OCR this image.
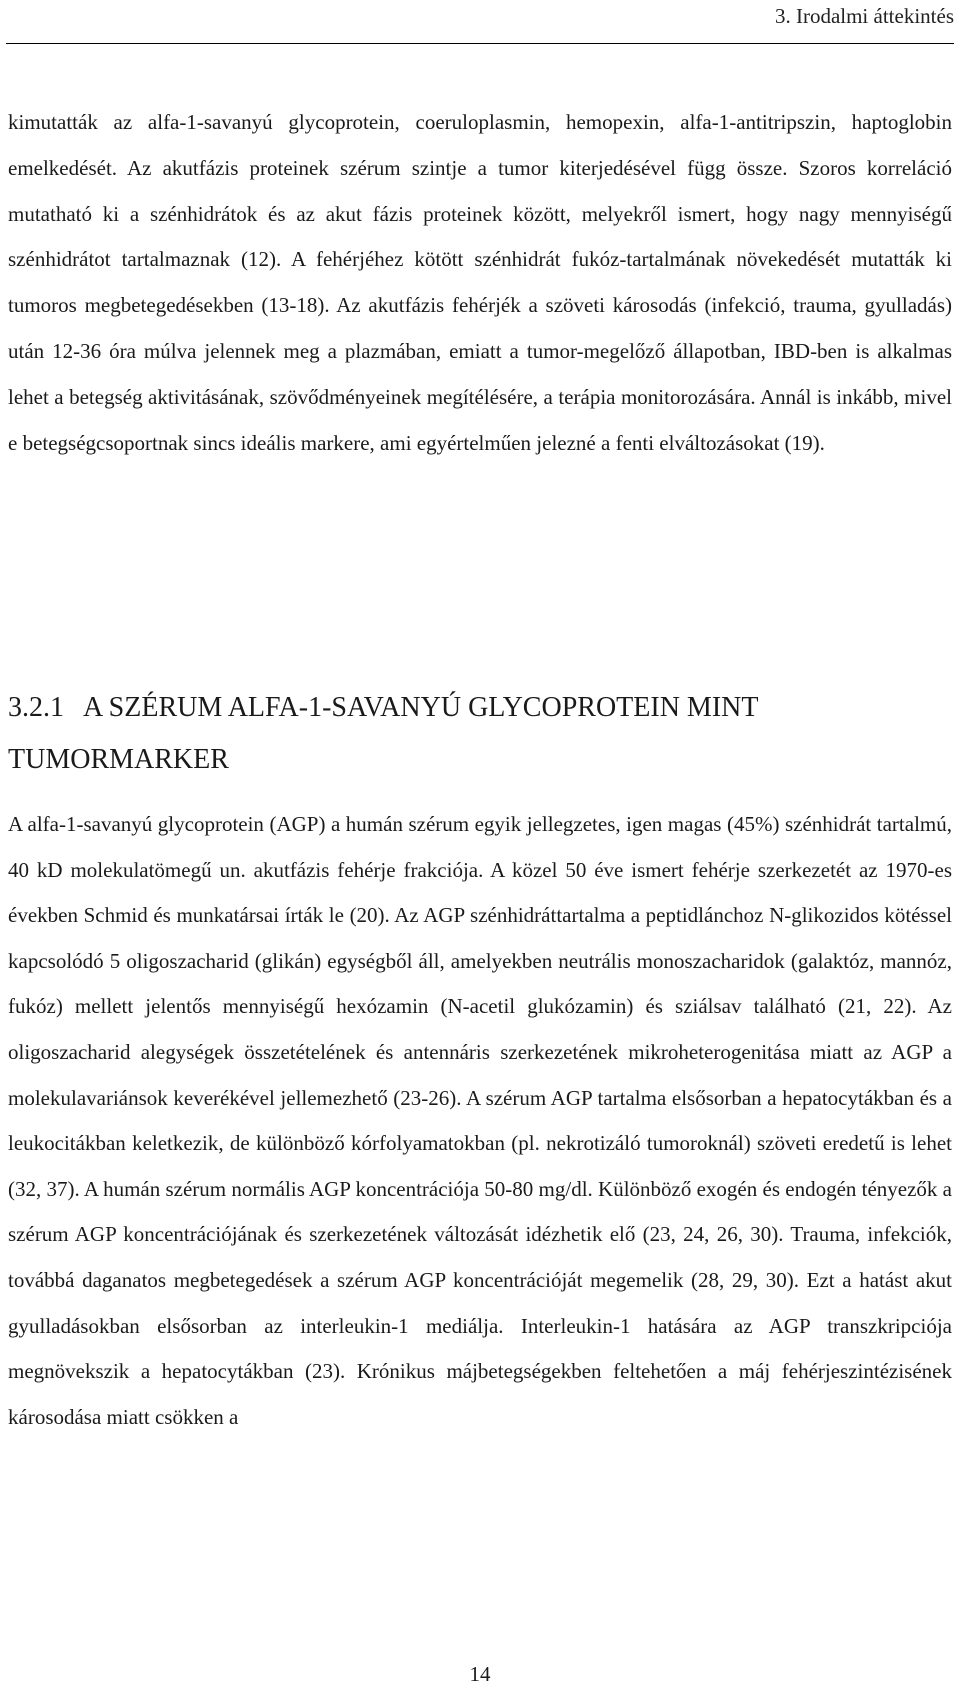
3. Irodalmi áttekintés

kimutatták az alfa-1-savanyú glycoprotein, coeruloplasmin, hemopexin, alfa-1-antitripszin, haptoglobin emelkedését. Az akutfázis proteinek szérum szintje a tumor kiterjedésével függ össze. Szoros korreláció mutatható ki a szénhidrátok és az akut fázis proteinek között, melyekről ismert, hogy nagy mennyiségű szénhidrátot tartalmaznak (12). A fehérjéhez kötött szénhidrát fukóz-tartalmának növekedését mutatták ki tumoros megbetegedésekben (13-18). Az akutfázis fehérjék a szöveti károsodás (infekció, trauma, gyulladás) után 12-36 óra múlva jelennek meg a plazmában, emiatt a tumor-megelőző állapotban, IBD-ben is alkalmas lehet a betegség aktivitásának, szövődményeinek megítélésére, a terápia monitorozására. Annál is inkább, mivel e betegségcsoportnak sincs ideális markere, ami egyértelműen jelezné a fenti elváltozásokat (19).

3.2.1 A SZÉRUM ALFA-1-SAVANYÚ GLYCOPROTEIN MINT TUMORMARKER

A alfa-1-savanyú glycoprotein (AGP) a humán szérum egyik jellegzetes, igen magas (45%) szénhidrát tartalmú, 40 kD molekulatömegű un. akutfázis fehérje frakciója. A közel 50 éve ismert fehérje szerkezetét az 1970-es években Schmid és munkatársai írták le (20). Az AGP szénhidráttartalma a peptidlánchoz N-glikozidos kötéssel kapcsolódó 5 oligoszacharid (glikán) egységből áll, amelyekben neutrális monoszacharidok (galaktóz, mannóz, fukóz) mellett jelentős mennyiségű hexózamin (N-acetil glukózamin) és sziálsav található (21, 22). Az oligoszacharid alegységek összetételének és antennáris szerkezetének mikroheterogenitása miatt az AGP a molekulavariánsok keverékével jellemezhető (23-26). A szérum AGP tartalma elsősorban a hepatocytákban és a leukocitákban keletkezik, de különböző kórfolyamatokban (pl. nekrotizáló tumoroknál) szöveti eredetű is lehet (32, 37). A humán szérum normális AGP koncentrációja 50-80 mg/dl. Különböző exogén és endogén tényezők a szérum AGP koncentrációjának és szerkezetének változását idézhetik elő (23, 24, 26, 30). Trauma, infekciók, továbbá daganatos megbetegedések a szérum AGP koncentrációját megemelik (28, 29, 30). Ezt a hatást akut gyulladásokban elsősorban az interleukin-1 mediálja. Interleukin-1 hatására az AGP transzkripciója megnövekszik a hepatocytákban (23). Krónikus májbetegségekben feltehetően a máj fehérjeszintézisének károsodása miatt csökken a

14
